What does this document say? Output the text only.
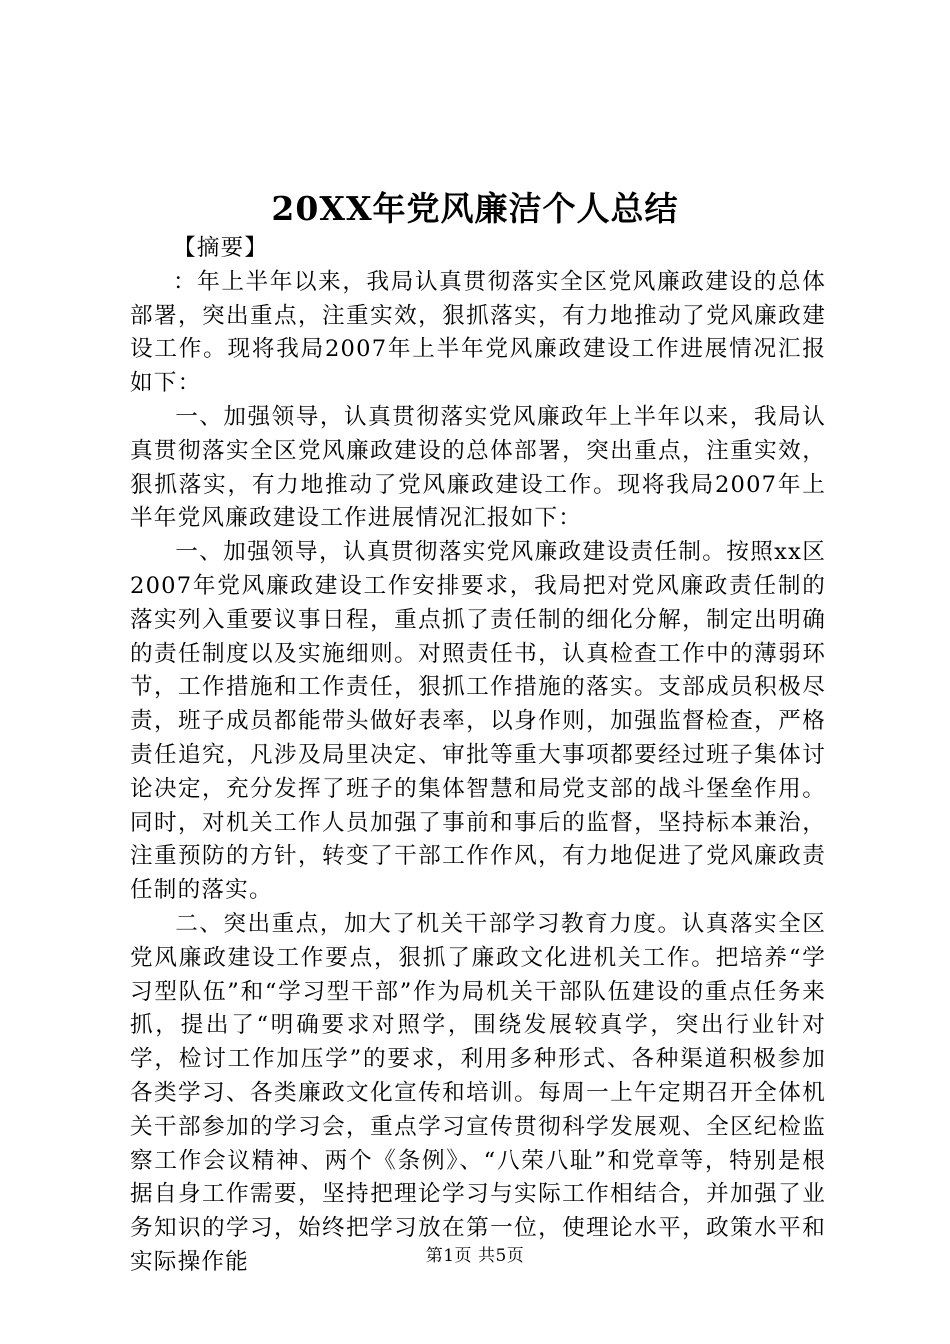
20XX年党风廉洁个人总结

【摘要】

：年上半年以来，我局认真贯彻落实全区党风廉政建设的总体部署，突出重点，注重实效，狠抓落实，有力地推动了党风廉政建设工作。现将我局2007年上半年党风廉政建设工作进展情况汇报如下：

一、加强领导，认真贯彻落实党风廉政年上半年以来，我局认真贯彻落实全区党风廉政建设的总体部署，突出重点，注重实效，狠抓落实，有力地推动了党风廉政建设工作。现将我局2007年上半年党风廉政建设工作进展情况汇报如下：

一、加强领导，认真贯彻落实党风廉政建设责任制。按照xx区2007年党风廉政建设工作安排要求，我局把对党风廉政责任制的落实列入重要议事日程，重点抓了责任制的细化分解，制定出明确的责任制度以及实施细则。对照责任书，认真检查工作中的薄弱环节，工作措施和工作责任，狠抓工作措施的落实。支部成员积极尽责，班子成员都能带头做好表率，以身作则，加强监督检查，严格责任追究，凡涉及局里决定、审批等重大事项都要经过班子集体讨论决定，充分发挥了班子的集体智慧和局党支部的战斗堡垒作用。同时，对机关工作人员加强了事前和事后的监督，坚持标本兼治，注重预防的方针，转变了干部工作作风，有力地促进了党风廉政责任制的落实。

二、突出重点，加大了机关干部学习教育力度。认真落实全区党风廉政建设工作要点，狠抓了廉政文化进机关工作。把培养“学习型队伍”和“学习型干部”作为局机关干部队伍建设的重点任务来抓，提出了“明确要求对照学，围绕发展较真学，突出行业针对学，检讨工作加压学”的要求，利用多种形式、各种渠道积极参加各类学习、各类廉政文化宣传和培训。每周一上午定期召开全体机关干部参加的学习会，重点学习宣传贯彻科学发展观、全区纪检监察工作会议精神、两个《条例》、“八荣八耻”和党章等，特别是根据自身工作需要，坚持把理论学习与实际工作相结合，并加强了业务知识的学习，始终把学习放在第一位，使理论水平，政策水平和实际操作能	第1页 共5页
